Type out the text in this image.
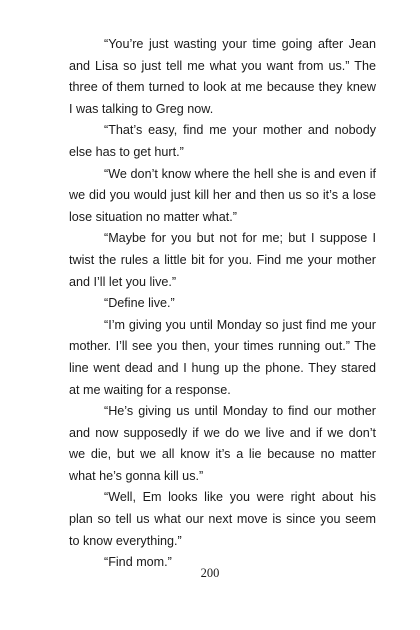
“You’re just wasting your time going after Jean and Lisa so just tell me what you want from us.” The three of them turned to look at me because they knew I was talking to Greg now.

“That’s easy, find me your mother and nobody else has to get hurt.”

“We don’t know where the hell she is and even if we did you would just kill her and then us so it’s a lose lose situation no matter what.”

“Maybe for you but not for me; but I suppose I twist the rules a little bit for you. Find me your mother and I’ll let you live.”

“Define live.”

“I’m giving you until Monday so just find me your mother. I’ll see you then, your times running out.” The line went dead and I hung up the phone. They stared at me waiting for a response.

“He’s giving us until Monday to find our mother and now supposedly if we do we live and if we don’t we die, but we all know it’s a lie because no matter what he’s gonna kill us.”

“Well, Em looks like you were right about his plan so tell us what our next move is since you seem to know everything.”

“Find mom.”

200
